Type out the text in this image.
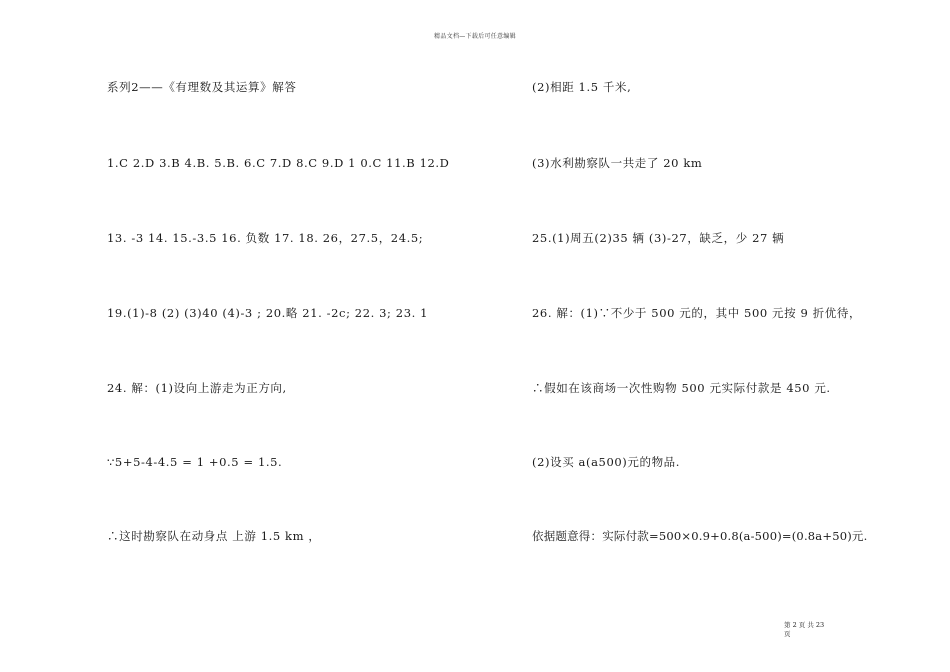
精品文档—下载后可任意编辑
系列2——《有理数及其运算》解答
1.C 2.D 3.B 4.B. 5.B. 6.C 7.D 8.C 9.D 1 0.C 11.B 12.D
13. -3 14. 15.-3.5 16. 负数 17. 18. 26，27.5，24.5;
19.(1)-8 (2) (3)40 (4)-3 ; 20.略 21. -2c; 22. 3; 23. 1
24. 解：(1)设向上游走为正方向,
∵5+5-4-4.5 = 1 +0.5 = 1.5.
∴这时勘察队在动身点 上游 1.5 km ，
(2)相距 1.5 千米,
(3)水利勘察队一共走了 20 km
25.(1)周五(2)35 辆 (3)-27，缺乏，少 27 辆
26. 解：(1)∵不少于 500 元的，其中 500 元按 9 折优待，
∴假如在该商场一次性购物 500 元实际付款是 450 元.
(2)设买 a(a500)元的物品.
依据题意得：实际付款=500×0.9+0.8(a-500)=(0.8a+50)元.
第 2 页 共 23
页
